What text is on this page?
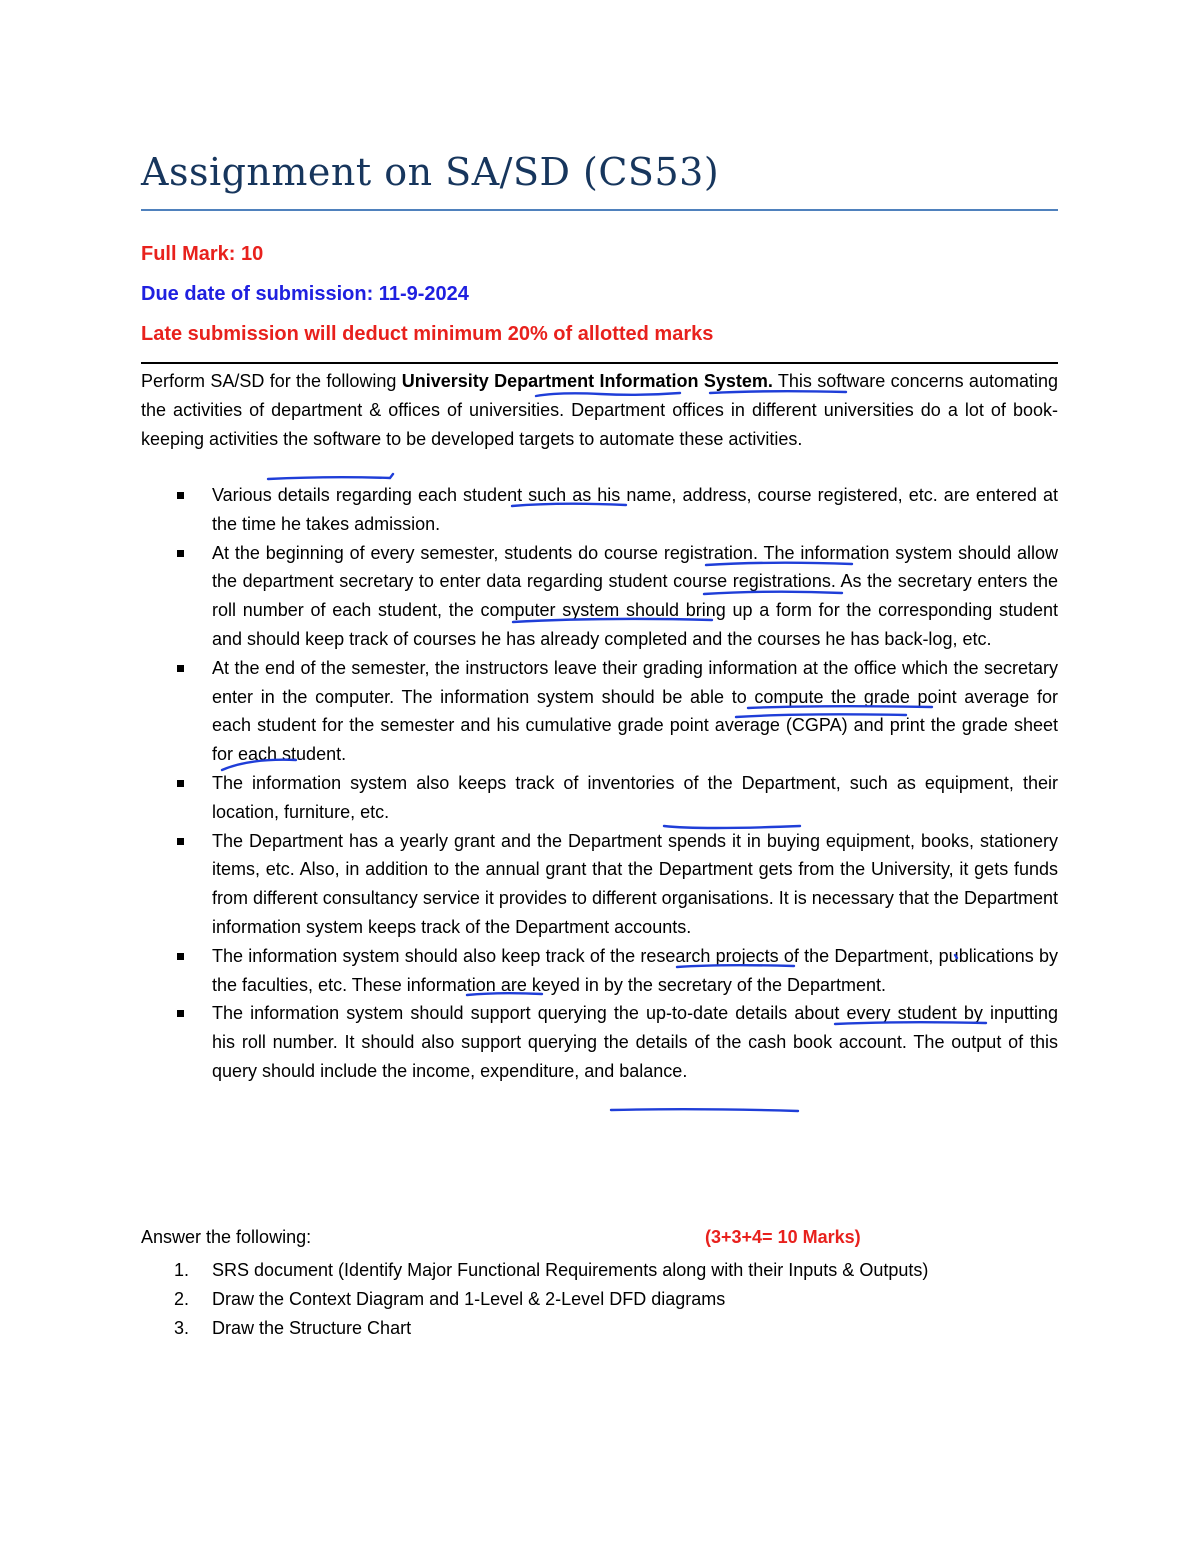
Assignment on SA/SD (CS53)

Full Mark: 10

Due date of submission: 11-9-2024

Late submission will deduct minimum 20% of allotted marks

Perform SA/SD for the following University Department Information System. This software concerns automating the activities of department & offices of universities. Department offices in different universities do a lot of book-keeping activities the software to be developed targets to automate these activities.

Various details regarding each student such as his name, address, course registered, etc. are entered at the time he takes admission.
At the beginning of every semester, students do course registration. The information system should allow the department secretary to enter data regarding student course registrations. As the secretary enters the roll number of each student, the computer system should bring up a form for the corresponding student and should keep track of courses he has already completed and the courses he has back-log, etc.
At the end of the semester, the instructors leave their grading information at the office which the secretary enter in the computer. The information system should be able to compute the grade point average for each student for the semester and his cumulative grade point average (CGPA) and print the grade sheet for each student.
The information system also keeps track of inventories of the Department, such as equipment, their location, furniture, etc.
The Department has a yearly grant and the Department spends it in buying equipment, books, stationery items, etc. Also, in addition to the annual grant that the Department gets from the University, it gets funds from different consultancy service it provides to different organisations. It is necessary that the Department information system keeps track of the Department accounts.
The information system should also keep track of the research projects of the Department, publications by the faculties, etc. These information are keyed in by the secretary of the Department.
The information system should support querying the up-to-date details about every student by inputting his roll number. It should also support querying the details of the cash book account. The output of this query should include the income, expenditure, and balance.
Answer the following:	(3+3+4= 10 Marks)
1. SRS document (Identify Major Functional Requirements along with their Inputs & Outputs)
2. Draw the Context Diagram and 1-Level & 2-Level DFD diagrams
3. Draw the Structure Chart
